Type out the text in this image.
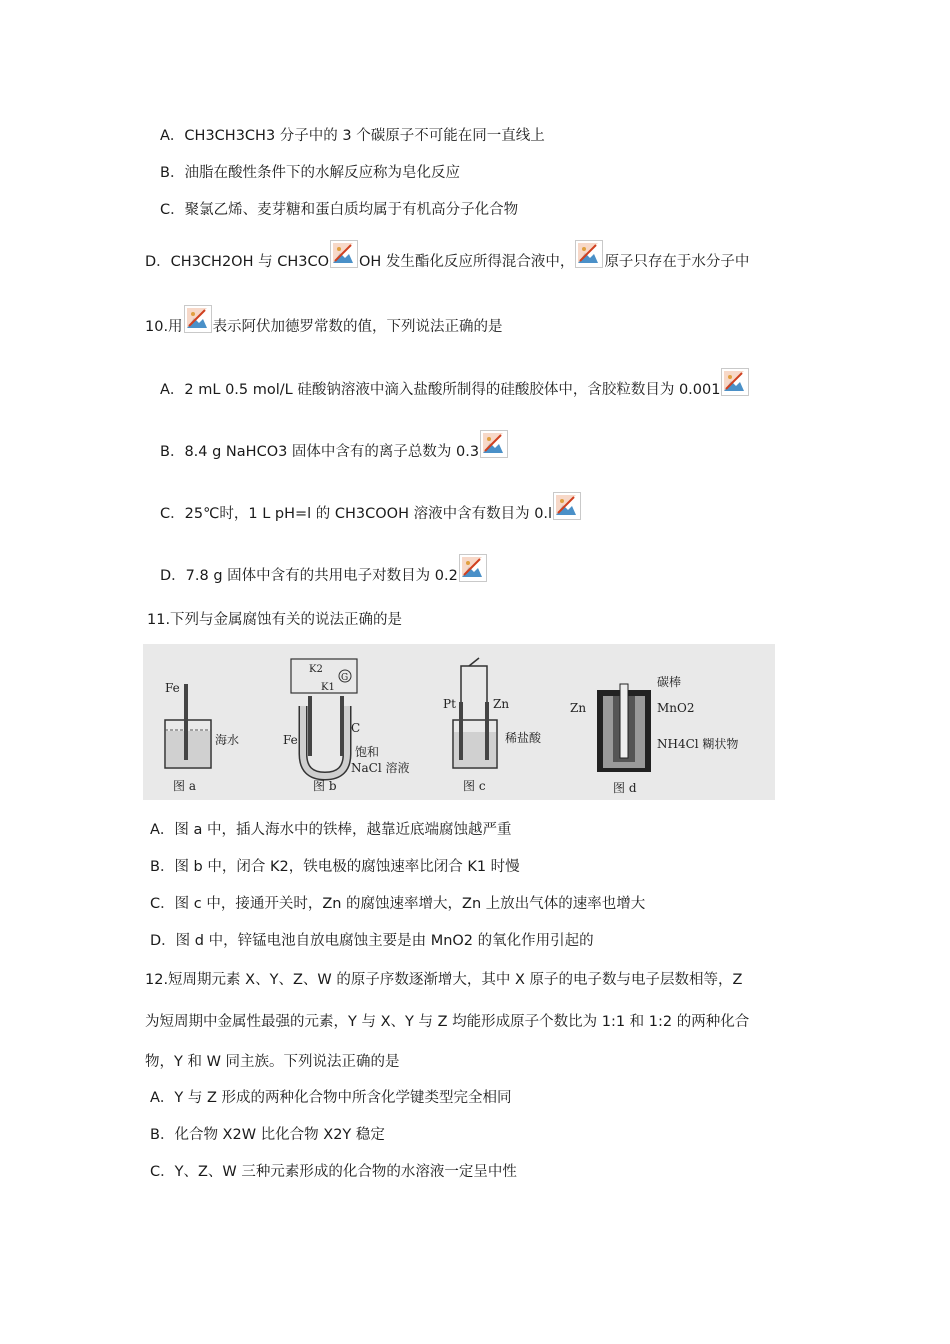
A．CH3CH3CH3 分子中的 3 个碳原子不可能在同一直线上
B．油脂在酸性条件下的水解反应称为皂化反应
C．聚氯乙烯、麦芽糖和蛋白质均属于有机高分子化合物
D．CH3CH2OH 与 CH3CO OH 发生酯化反应所得混合液中， 原子只存在于水分子中
10.用 表示阿伏加德罗常数的值，下列说法正确的是
A．2 mL 0.5 mol/L 硅酸钠溶液中滴入盐酸所制得的硅酸胶体中，含胶粒数目为 0.001
B．8.4 g NaHCO3 固体中含有的离子总数为 0.3
C．25℃时，1 L pH=l 的 CH3COOH 溶液中含有数目为 0.l
D．7.8 g 固体中含有的共用电子对数目为 0.2
11.下列与金属腐蚀有关的说法正确的是
Fe
海水
图 a
G
K2
K1
Fe
C
饱和
NaCl 溶液
图 b
Pt	Zn
稀盐酸
图 c
碳棒
Zn	MnO2
NH4Cl 糊状物
图 d
A．图 a 中，插人海水中的铁棒，越靠近底端腐蚀越严重
B．图 b 中，闭合 K2，铁电极的腐蚀速率比闭合 K1 时慢
C．图 c 中，接通开关时，Zn 的腐蚀速率增大，Zn 上放出气体的速率也增大
D．图 d 中，锌锰电池自放电腐蚀主要是由 MnO2 的氧化作用引起的
12.短周期元素 X、Y、Z、W 的原子序数逐渐增大，其中 X 原子的电子数与电子层数相等，Z
为短周期中金属性最强的元素，Y 与 X、Y 与 Z 均能形成原子个数比为 1:1 和 1:2 的两种化合
物，Y 和 W 同主族。下列说法正确的是
A．Y 与 Z 形成的两种化合物中所含化学键类型完全相同
B．化合物 X2W 比化合物 X2Y 稳定
C．Y、Z、W 三种元素形成的化合物的水溶液一定呈中性
